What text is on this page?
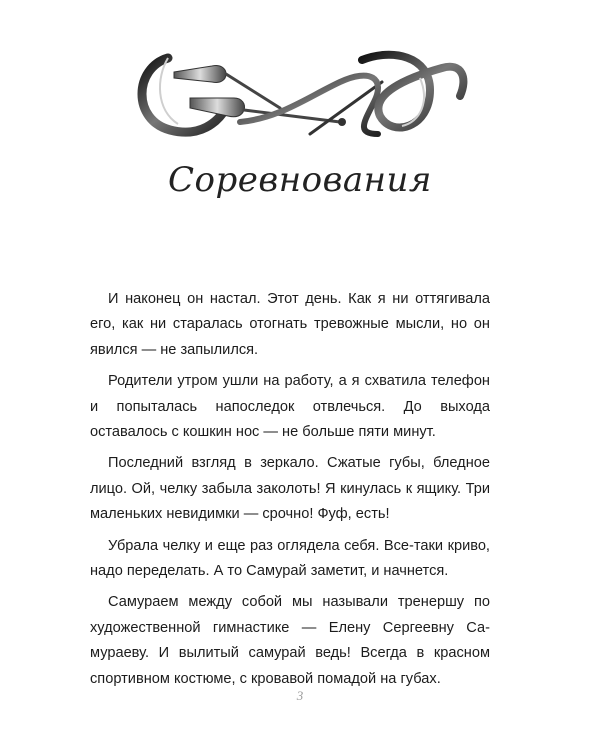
Соревнования

И наконец он настал. Этот день. Как я ни оттягивала его, как ни старалась отогнать тревожные мысли, но он явился — не запылился.

Родители утром ушли на работу, а я схватила телефон и попыталась напоследок отвлечься. До выхода оставалось с кошкин нос — не больше пяти минут.

Последний взгляд в зеркало. Сжатые губы, бледное лицо. Ой, челку забыла заколоть! Я кинулась к ящику. Три маленьких невидимки — срочно! Фуф, есть!

Убрала челку и еще раз оглядела себя. Все-таки криво, надо переделать. А то Самурай заметит, и начнется.

Самураем между собой мы называли тренершу по художественной гимнастике — Елену Сергеевну Самураеву. И вылитый самурай ведь! Всегда в красном спортивном костюме, с кровавой помадой на губах.

3
